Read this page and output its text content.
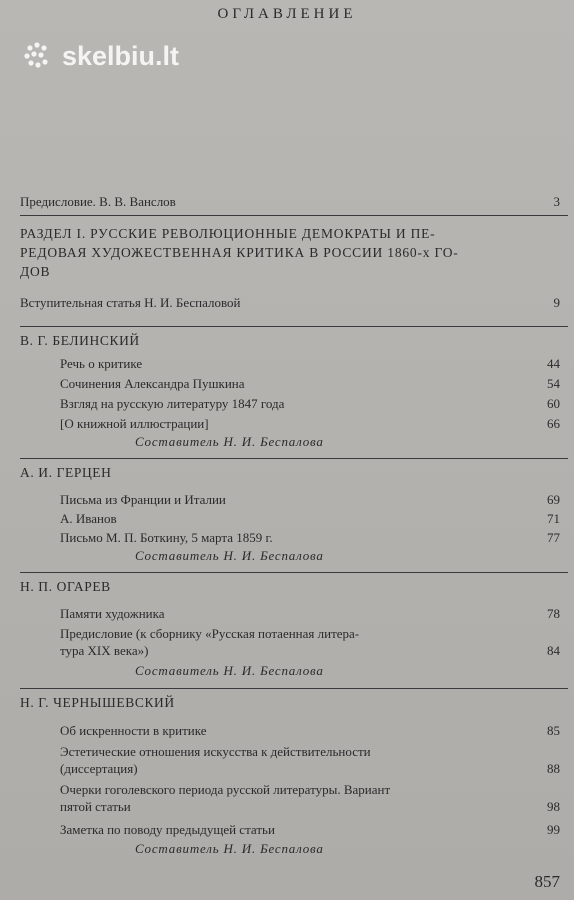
ОГЛАВЛЕНИЕ
skelbiu.lt
Предисловие. В. В. Ванслов	3
РАЗДЕЛ I. РУССКИЕ РЕВОЛЮЦИОННЫЕ ДЕМОКРАТЫ И ПЕ-
РЕДОВАЯ ХУДОЖЕСТВЕННАЯ КРИТИКА В РОССИИ 1860-х ГО-
ДОВ
Вступительная статья Н. И. Беспаловой	9
В. Г. БЕЛИНСКИЙ
Речь о критике	44
Сочинения Александра Пушкина	54
Взгляд на русскую литературу 1847 года	60
[О книжной иллюстрации]	66
Составитель Н. И. Беспалова
А. И. ГЕРЦЕН
Письма из Франции и Италии	69
А. Иванов	71
Письмо М. П. Боткину, 5 марта 1859 г.	77
Составитель Н. И. Беспалова
Н. П. ОГАРЕВ
Памяти художника	78
Предисловие (к сборнику «Русская потаенная литера-
тура XIX века»)	84
Составитель Н. И. Беспалова
Н. Г. ЧЕРНЫШЕВСКИЙ
Об искренности в критике	85
Эстетические отношения искусства к действительности
(диссертация)	88
Очерки гоголевского периода русской литературы. Вариант
пятой статьи	98
Заметка по поводу предыдущей статьи	99
Составитель Н. И. Беспалова
857
